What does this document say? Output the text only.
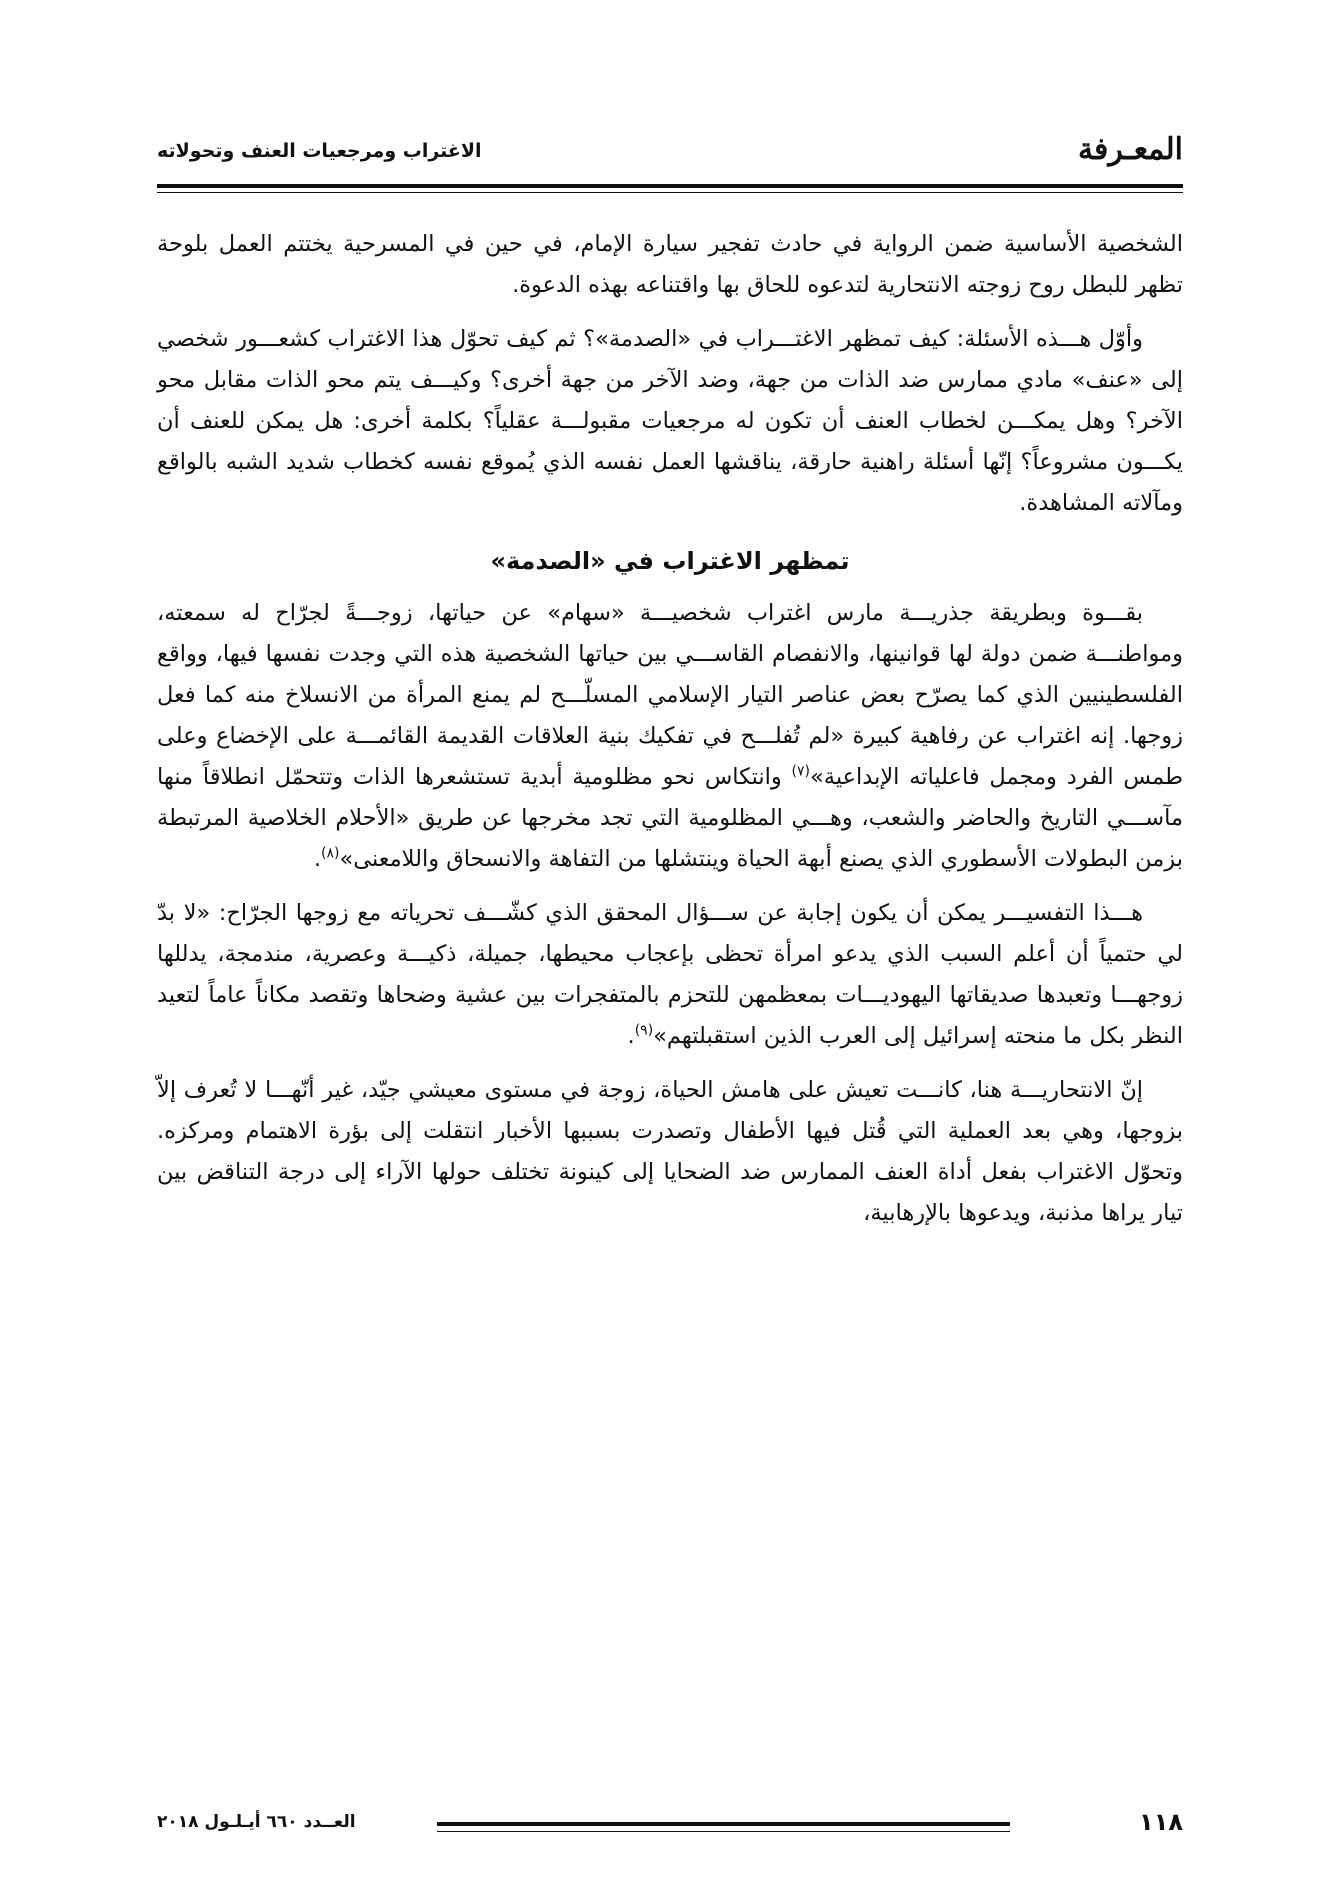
المعـرفة
الاغتراب ومرجعيات العنف وتحولاته

الشخصية الأساسية ضمن الرواية في حادث تفجير سيارة الإمام، في حين في المسرحية يختتم العمل بلوحة تظهر للبطل روح زوجته الانتحارية لتدعوه للحاق بها واقتناعه بهذه الدعوة.

وأوّل هـــذه الأسئلة: كيف تمظهر الاغتـــراب في «الصدمة»؟ ثم كيف تحوّل هذا الاغتراب كشعـــور شخصي إلى «عنف» مادي ممارس ضد الذات من جهة، وضد الآخر من جهة أخرى؟ وكيـــف يتم محو الذات مقابل محو الآخر؟ وهل يمكـــن لخطاب العنف أن تكون له مرجعيات مقبولـــة عقلياً؟ بكلمة أخرى: هل يمكن للعنف أن يكـــون مشروعاً؟ إنّها أسئلة راهنية حارقة، يناقشها العمل نفسه الذي يُموقع نفسه كخطاب شديد الشبه بالواقع ومآلاته المشاهدة.

تمظهر الاغتراب في «الصدمة»

بقـــوة وبطريقة جذريـــة مارس اغتراب شخصيـــة «سهام» عن حياتها، زوجـــةً لجرّاح له سمعته، ومواطنـــة ضمن دولة لها قوانينها، والانفصام القاســـي بين حياتها الشخصية هذه التي وجدت نفسها فيها، وواقع الفلسطينيين الذي كما يصرّح بعض عناصر التيار الإسلامي المسلّـــح لم يمنع المرأة من الانسلاخ منه كما فعل زوجها. إنه اغتراب عن رفاهية كبيرة «لم تُفلـــح في تفكيك بنية العلاقات القديمة القائمـــة على الإخضاع وعلى طمس الفرد ومجمل فاعلياته الإبداعية»$^{(٧)}$ وانتكاس نحو مظلومية أبدية تستشعرها الذات وتتحمّل انطلاقاً منها مآســـي التاريخ والحاضر والشعب، وهـــي المظلومية التي تجد مخرجها عن طريق «الأحلام الخلاصية المرتبطة بزمن البطولات الأسطوري الذي يصنع أبهة الحياة وينتشلها من التفاهة والانسحاق واللامعنى»$^{(٨)}$.

هـــذا التفسيـــر يمكن أن يكون إجابة عن ســـؤال المحقق الذي كشّـــف تحرياته مع زوجها الجرّاح: «لا بدّ لي حتمياً أن أعلم السبب الذي يدعو امرأة تحظى بإعجاب محيطها، جميلة، ذكيـــة وعصرية، مندمجة، يدللها زوجهـــا وتعبدها صديقاتها اليهوديـــات بمعظمهن للتحزم بالمتفجرات بين عشية وضحاها وتقصد مكاناً عاماً لتعيد النظر بكل ما منحته إسرائيل إلى العرب الذين استقبلتهم»$^{(٩)}$.

إنّ الانتحاريـــة هنا، كانـــت تعيش على هامش الحياة، زوجة في مستوى معيشي جيّد، غير أنّهـــا لا تُعرف إلاّ بزوجها، وهي بعد العملية التي قُتل فيها الأطفال وتصدرت بسببها الأخبار انتقلت إلى بؤرة الاهتمام ومركزه. وتحوّل الاغتراب بفعل أداة العنف الممارس ضد الضحايا إلى كينونة تختلف حولها الآراء إلى درجة التناقض بين تيار يراها مذنبة، ويدعوها بالإرهابية،

١١٨
العــدد ٦٦٠ أيـلـول ٢٠١٨
